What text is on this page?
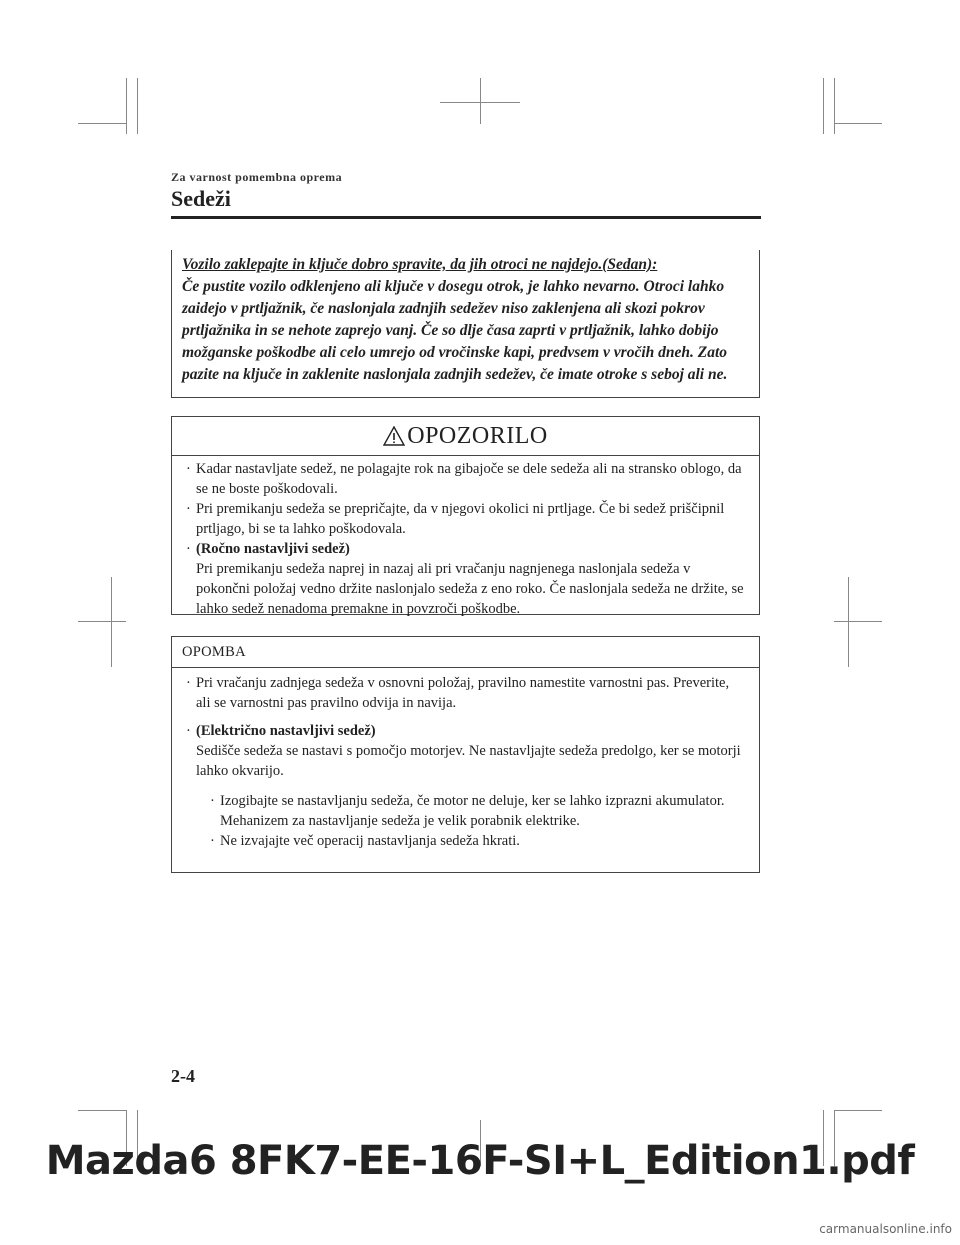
Za varnost pomembna oprema
Sedeži

Vozilo zaklepajte in ključe dobro spravite, da jih otroci ne najdejo.(Sedan):
Če pustite vozilo odklenjeno ali ključe v dosegu otrok, je lahko nevarno. Otroci lahko zaidejo v prtljažnik, če naslonjala zadnjih sedežev niso zaklenjena ali skozi pokrov prtljažnika in se nehote zaprejo vanj. Če so dlje časa zaprti v prtljažnik, lahko dobijo možganske poškodbe ali celo umrejo od vročinske kapi, predvsem v vročih dneh. Zato pazite na ključe in zaklenite naslonjala zadnjih sedežev, če imate otroke s seboj ali ne.

OPOZORILO
· Kadar nastavljate sedež, ne polagajte rok na gibajoče se dele sedeža ali na stransko oblogo, da se ne boste poškodovali.
· Pri premikanju sedeža se prepričajte, da v njegovi okolici ni prtljage. Če bi sedež priščipnil prtljago, bi se ta lahko poškodovala.
· (Ročno nastavljivi sedež)
Pri premikanju sedeža naprej in nazaj ali pri vračanju nagnjenega naslonjala sedeža v pokončni položaj vedno držite naslonjalo sedeža z eno roko. Če naslonjala sedeža ne držite, se lahko sedež nenadoma premakne in povzroči poškodbe.
OPOMBA
· Pri vračanju zadnjega sedeža v osnovni položaj, pravilno namestite varnostni pas. Preverite, ali se varnostni pas pravilno odvija in navija.
· (Električno nastavljivi sedež)
Sedišče sedeža se nastavi s pomočjo motorjev. Ne nastavljajte sedeža predolgo, ker se motorji lahko okvarijo.
· Izogibajte se nastavljanju sedeža, če motor ne deluje, ker se lahko izprazni akumulator. Mehanizem za nastavljanje sedeža je velik porabnik elektrike.
· Ne izvajajte več operacij nastavljanja sedeža hkrati.
2-4
Mazda6 8FK7-EE-16F-SI+L_Edition1.pdf
carmanualsonline.info
